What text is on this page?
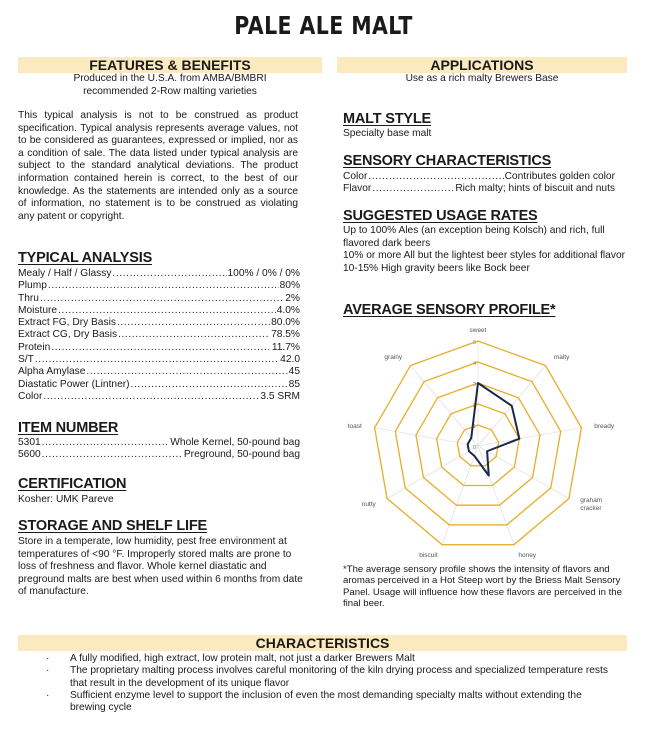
PALE ALE MALT
FEATURES & BENEFITS
Produced in the U.S.A. from AMBA/BMBRI
recommended 2-Row malting varieties
This typical analysis is not to be construed as product specification. Typical analysis represents average values, not to be considered as guarantees, expressed or implied, nor as a condition of sale. The data listed under typical analysis are subject to the standard analytical deviations. The product information contained herein is correct, to the best of our knowledge. As the statements are intended only as a source of information, no statement is to be construed as violating any patent or copyright.
TYPICAL ANALYSIS
Mealy / Half / Glassy .....	100% / 0% / 0%
Plump .....	80%
Thru .....	2%
Moisture .....	4.0%
Extract FG, Dry Basis .....	80.0%
Extract CG, Dry Basis .....	78.5%
Protein .....	11.7%
S/T .....	42.0
Alpha Amylase .....	45
Diastatic Power (Lintner) .....	85
Color .....	3.5 SRM
ITEM NUMBER
5301 .....	Whole Kernel, 50-pound bag
5600 .....	Preground, 50-pound bag
CERTIFICATION
Kosher: UMK Pareve
STORAGE AND SHELF LIFE
Store in a temperate, low humidity, pest free environment at temperatures of <90 °F. Improperly stored malts are prone to loss of freshness and flavor. Whole kernel diastatic and preground malts are best when used within 6 months from date of manufacture.
APPLICATIONS
Use as a rich malty Brewers Base
MALT STYLE
Specialty base malt
SENSORY CHARACTERISTICS
Color .....	Contributes golden color
Flavor .....	Rich malty; hints of biscuit and nuts
SUGGESTED USAGE RATES
Up to 100% Ales (an exception being Kolsch) and rich, full flavored dark beers
10% or more All but the lightest beer styles for additional flavor
10-15% High gravity beers like Bock beer
AVERAGE SENSORY PROFILE*
0
1
2
3
4
5
sweet
malty
bready
graham cracker
honey
biscuit
nutty
toast
grainy
*The average sensory profile shows the intensity of flavors and aromas perceived in a Hot Steep wort by the Briess Malt Sensory Panel. Usage will influence how these flavors are perceived in the final beer.
CHARACTERISTICS
· A fully modified, high extract, low protein malt, not just a darker Brewers Malt
· The proprietary malting process involves careful monitoring of the kiln drying process and specialized temperature rests that result in the development of its unique flavor
· Sufficient enzyme level to support the inclusion of even the most demanding specialty malts without extending the brewing cycle
